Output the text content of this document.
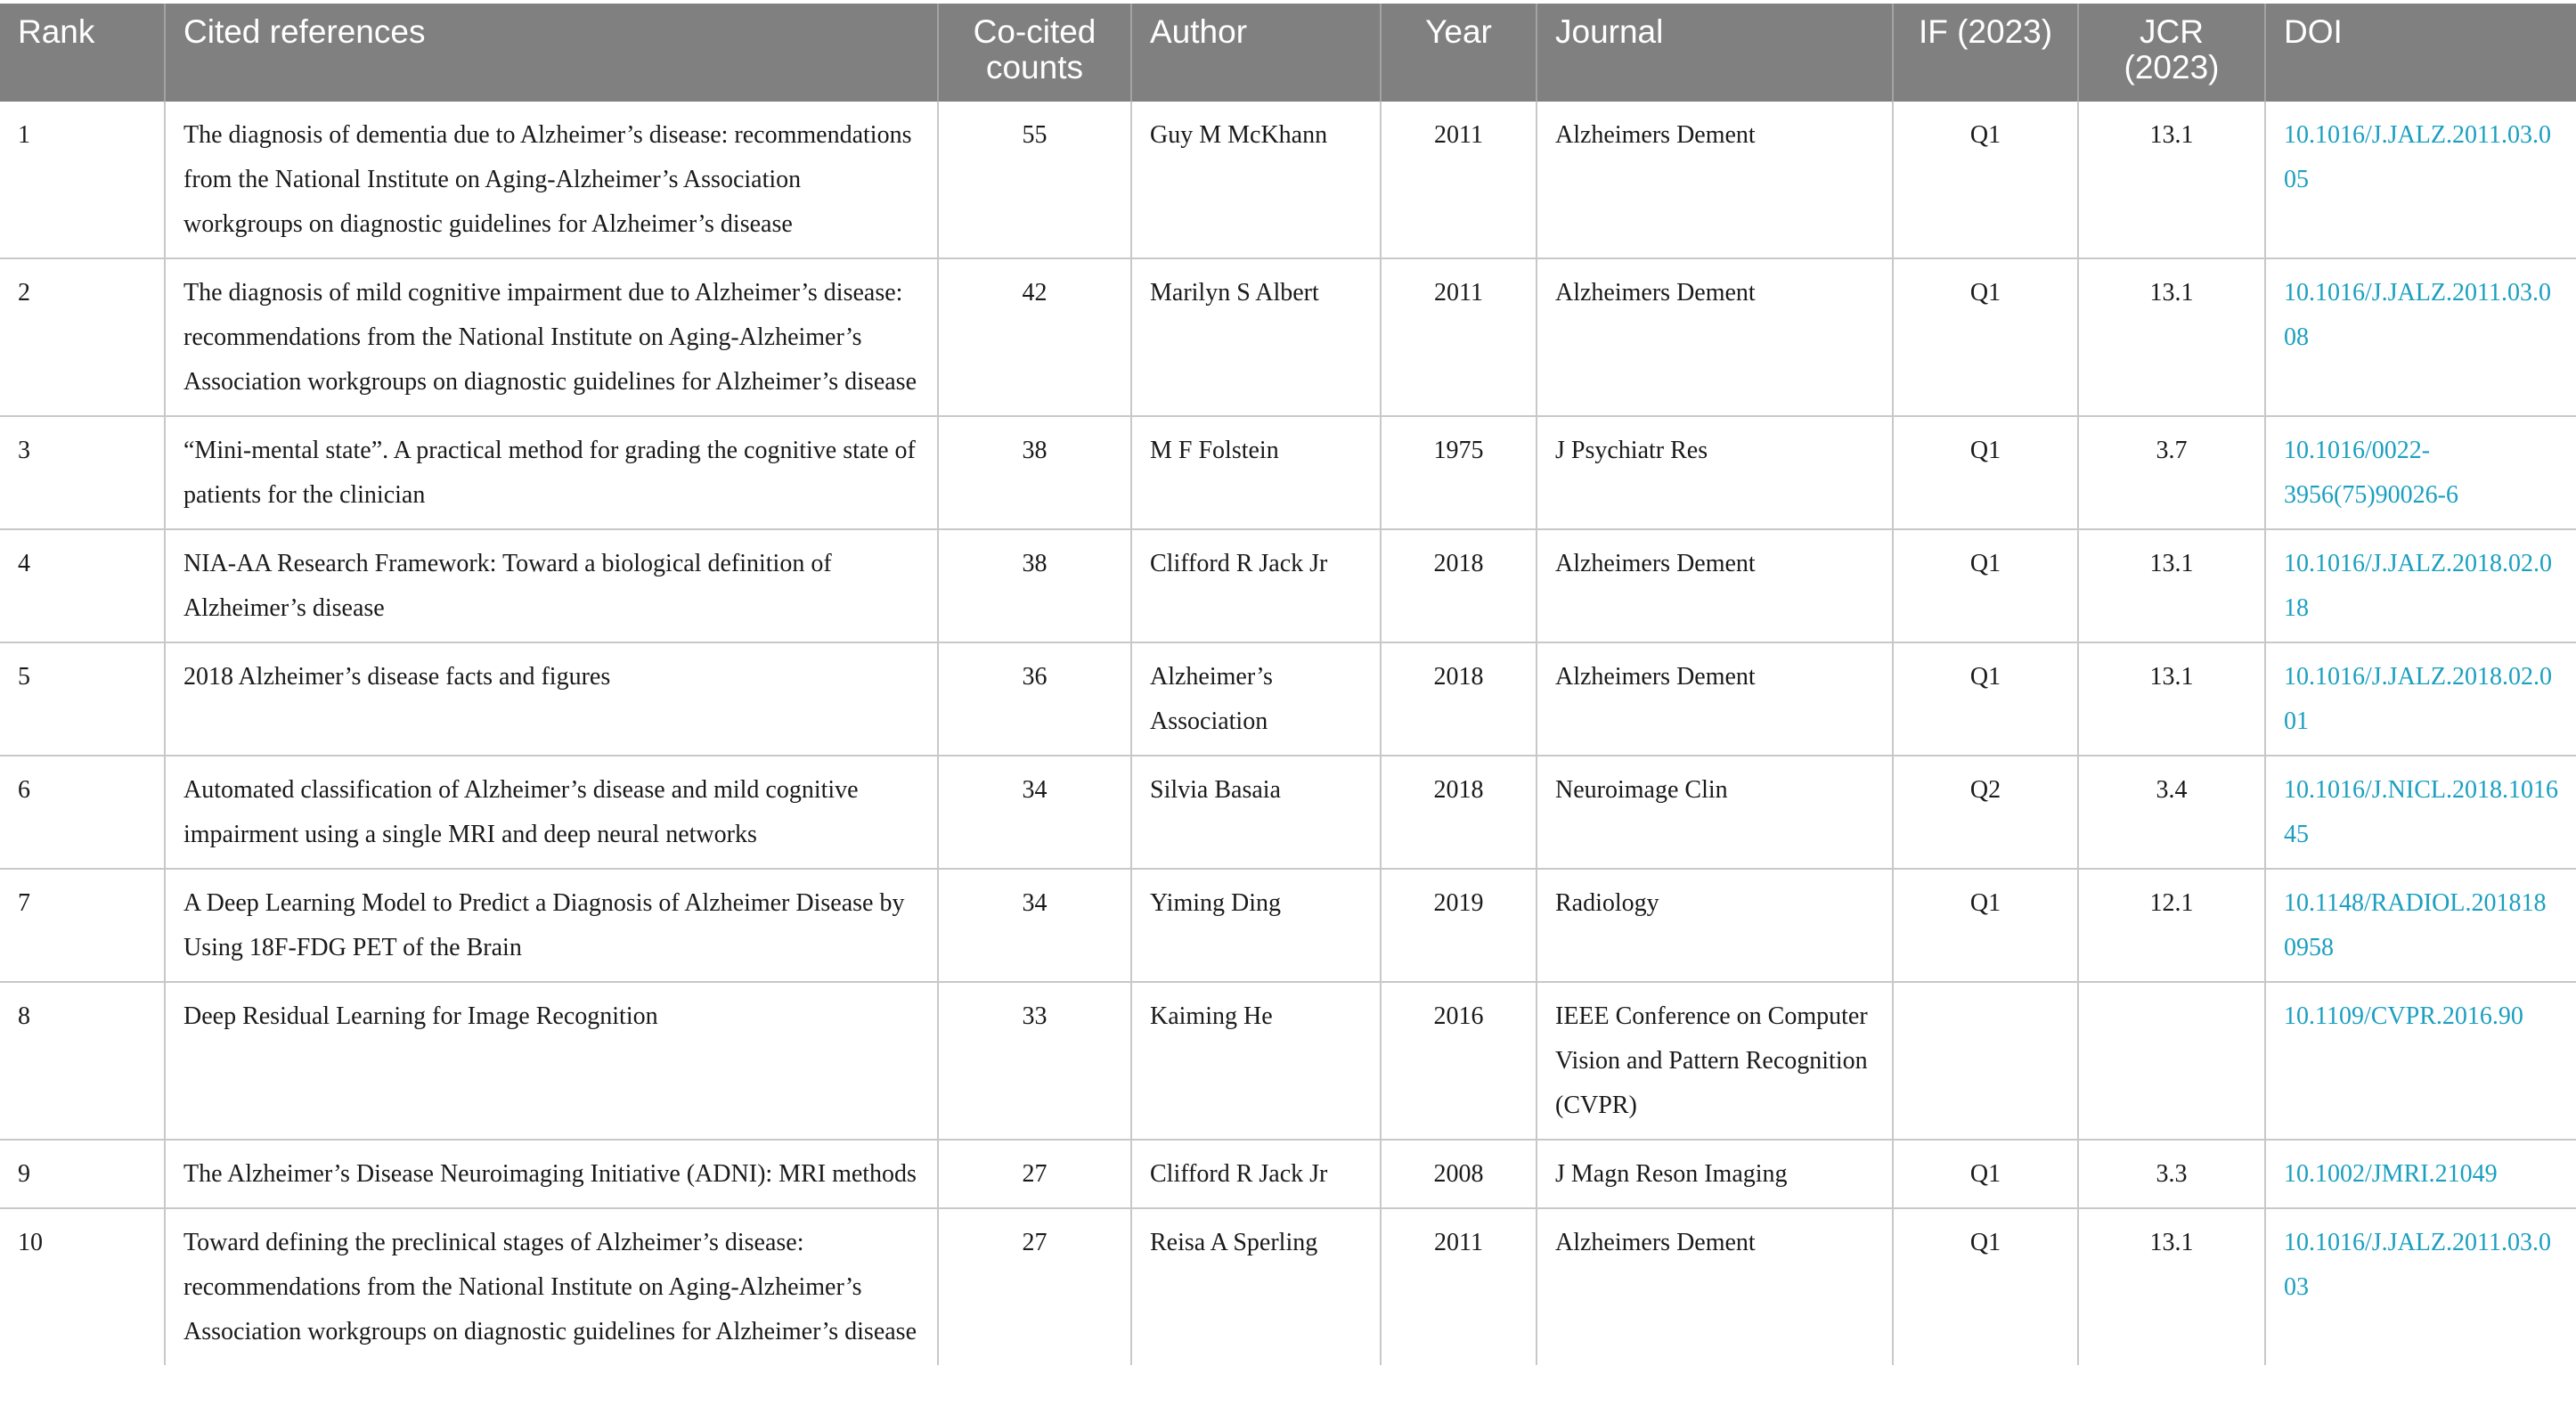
Rank	Cited references	Co-cited counts	Author	Year	Journal	IF (2023)	JCR (2023)	DOI
1	The diagnosis of dementia due to Alzheimer’s disease: recommendations from the National Institute on Aging-Alzheimer’s Association workgroups on diagnostic guidelines for Alzheimer’s disease	55	Guy M McKhann	2011	Alzheimers Dement	Q1	13.1	10.1016/J.JALZ.2011.03.005
2	The diagnosis of mild cognitive impairment due to Alzheimer’s disease: recommendations from the National Institute on Aging-Alzheimer’s Association workgroups on diagnostic guidelines for Alzheimer’s disease	42	Marilyn S Albert	2011	Alzheimers Dement	Q1	13.1	10.1016/J.JALZ.2011.03.008
3	“Mini-mental state”. A practical method for grading the cognitive state of patients for the clinician	38	M F Folstein	1975	J Psychiatr Res	Q1	3.7	10.1016/0022-3956(75)90026-6
4	NIA-AA Research Framework: Toward a biological definition of Alzheimer’s disease	38	Clifford R Jack Jr	2018	Alzheimers Dement	Q1	13.1	10.1016/J.JALZ.2018.02.018
5	2018 Alzheimer’s disease facts and figures	36	Alzheimer’s Association	2018	Alzheimers Dement	Q1	13.1	10.1016/J.JALZ.2018.02.001
6	Automated classification of Alzheimer’s disease and mild cognitive impairment using a single MRI and deep neural networks	34	Silvia Basaia	2018	Neuroimage Clin	Q2	3.4	10.1016/J.NICL.2018.101645
7	A Deep Learning Model to Predict a Diagnosis of Alzheimer Disease by Using 18F-FDG PET of the Brain	34	Yiming Ding	2019	Radiology	Q1	12.1	10.1148/RADIOL.2018180958
8	Deep Residual Learning for Image Recognition	33	Kaiming He	2016	IEEE Conference on Computer Vision and Pattern Recognition (CVPR)			10.1109/CVPR.2016.90
9	The Alzheimer’s Disease Neuroimaging Initiative (ADNI): MRI methods	27	Clifford R Jack Jr	2008	J Magn Reson Imaging	Q1	3.3	10.1002/JMRI.21049
10	Toward defining the preclinical stages of Alzheimer’s disease: recommendations from the National Institute on Aging-Alzheimer’s Association workgroups on diagnostic guidelines for Alzheimer’s disease	27	Reisa A Sperling	2011	Alzheimers Dement	Q1	13.1	10.1016/J.JALZ.2011.03.003
